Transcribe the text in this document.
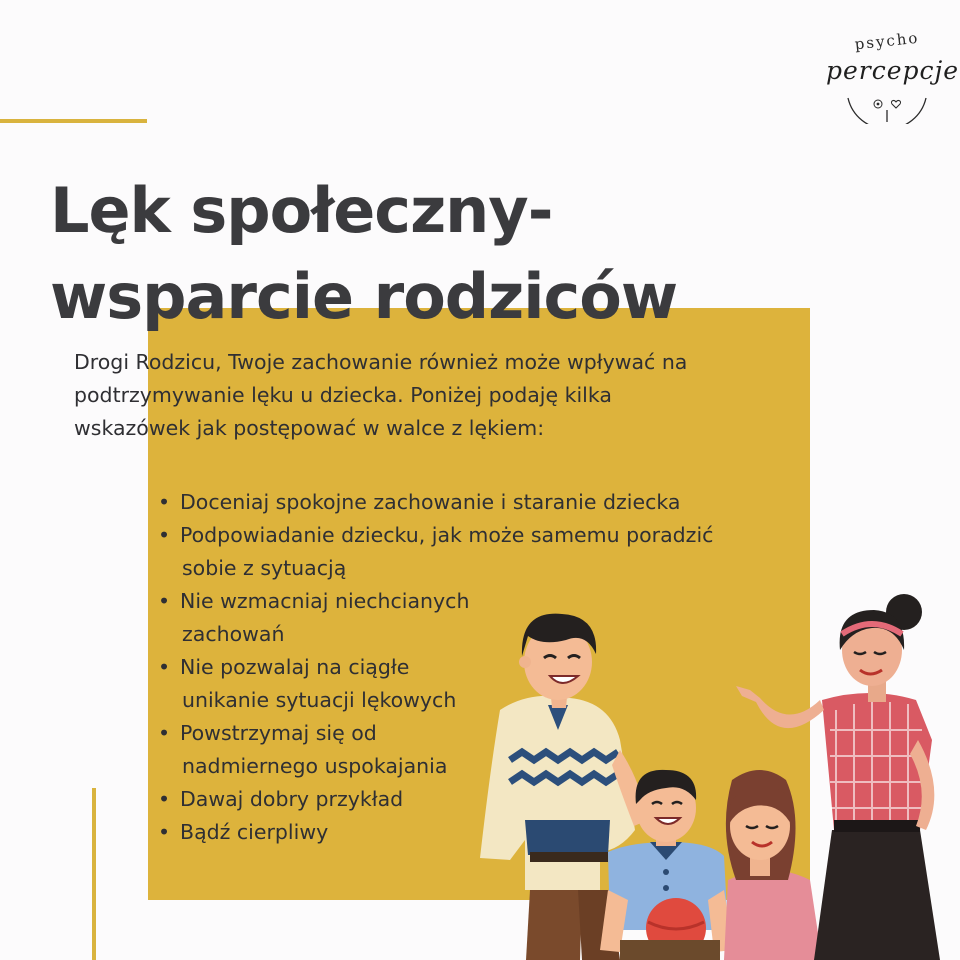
psycho
percepcje
Lęk społeczny-
wsparcie rodziców

Drogi Rodzicu, Twoje zachowanie również może wpływać na podtrzymywanie lęku u dziecka. Poniżej podaję kilka wskazówek jak postępować w walce z lękiem:

• Doceniaj spokojne zachowanie i staranie dziecka
• Podpowiadanie dziecku, jak może samemu poradzić
sobie z sytuacją
• Nie wzmacniaj niechcianych
zachowań
• Nie pozwalaj na ciągłe
unikanie sytuacji lękowych
• Powstrzymaj się od
nadmiernego uspokajania
• Dawaj dobry przykład
• Bądź cierpliwy
